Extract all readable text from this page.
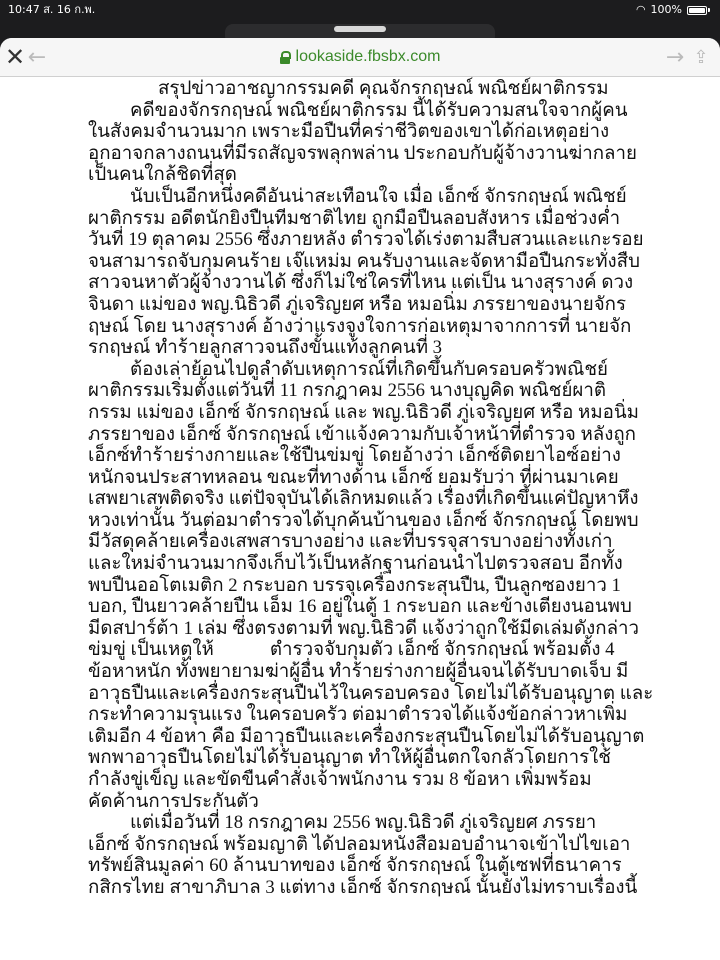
10:47 ส. 16 ก.พ.	◠ 100%
✕ ←	lookaside.fbsbx.com	→ ⇪
สรุปข่าวอาชญากรรมคดี คุณจักรกฤษณ์ พณิชย์ผาติกรรม
คดีของจักรกฤษณ์ พณิชย์ผาติกรรม นี้ได้รับความสนใจจากผู้คน
ในสังคมจำนวนมาก เพราะมือปืนที่คร่าชีวิตของเขาได้ก่อเหตุอย่าง
อุกอาจกลางถนนที่มีรถสัญจรพลุกพล่าน ประกอบกับผู้จ้างวานฆ่ากลาย
เป็นคนใกล้ชิดที่สุด
นับเป็นอีกหนึ่งคดีอันน่าสะเทือนใจ เมื่อ เอ็กซ์ จักรกฤษณ์ พณิชย์
ผาติกรรม อดีตนักยิงปืนทีมชาติไทย ถูกมือปืนลอบสังหาร เมื่อช่วงค่ำ
วันที่ 19 ตุลาคม 2556 ซึ่งภายหลัง ตำรวจได้เร่งตามสืบสวนและแกะรอย
จนสามารถจับกุมคนร้าย เจ๊แหม่ม คนรับงานและจัดหามือปืนกระทั่งสืบ
สาวจนหาตัวผู้จ้างวานได้ ซึ่งก็ไม่ใช่ใครที่ไหน แต่เป็น นางสุรางค์ ดวง
จินดา แม่ของ พญ.นิธิวดี ภู่เจริญยศ หรือ หมอนิ่ม ภรรยาของนายจักร
ฤษณ์ โดย นางสุรางค์ อ้างว่าแรงจูงใจการก่อเหตุมาจากการที่ นายจัก
รกฤษณ์ ทำร้ายลูกสาวจนถึงขั้นแท้งลูกคนที่ 3
ต้องเล่าย้อนไปดูลำดับเหตุการณ์ที่เกิดขึ้นกับครอบครัวพณิชย์
ผาติกรรมเริ่มตั้งแต่วันที่ 11 กรกฎาคม 2556 นางบุญคิด พณิชย์ผาติ
กรรม แม่ของ เอ็กซ์ จักรกฤษณ์ และ พญ.นิธิวดี ภู่เจริญยศ หรือ หมอนิ่ม
ภรรยาของ เอ็กซ์ จักรกฤษณ์ เข้าแจ้งความกับเจ้าหน้าที่ตำรวจ หลังถูก
เอ็กซ์ทำร้ายร่างกายและใช้ปืนข่มขู่ โดยอ้างว่า เอ็กซ์ติดยาไอซ์อย่าง
หนักจนประสาทหลอน ขณะที่ทางด้าน เอ็กซ์ ยอมรับว่า ที่ผ่านมาเคย
เสพยาเสพติดจริง แต่ปัจจุบันได้เลิกหมดแล้ว เรื่องที่เกิดขึ้นแค่ปัญหาหึง
หวงเท่านั้น วันต่อมาตำรวจได้บุกค้นบ้านของ เอ็กซ์ จักรกฤษณ์ โดยพบ
มีวัสดุคล้ายเครื่องเสพสารบางอย่าง และที่บรรจุสารบางอย่างทั้งเก่า
และใหม่จำนวนมากจึงเก็บไว้เป็นหลักฐานก่อนนำไปตรวจสอบ อีกทั้ง
พบปืนออโตเมติก 2 กระบอก บรรจุเครื่องกระสุนปืน, ปืนลูกซองยาว 1
บอก, ปืนยาวคล้ายปืน เอ็ม 16 อยู่ในตู้ 1 กระบอก และข้างเตียงนอนพบ
มีดสปาร์ต้า 1 เล่ม ซึ่งตรงตามที่ พญ.นิธิวดี แจ้งว่าถูกใช้มีดเล่มดังกล่าว
ข่มขู่ เป็นเหตุให้            ตำรวจจับกุมตัว เอ็กซ์ จักรกฤษณ์ พร้อมตั้ง 4
ข้อหาหนัก ทั้งพยายามฆ่าผู้อื่น ทำร้ายร่างกายผู้อื่นจนได้รับบาดเจ็บ มี
อาวุธปืนและเครื่องกระสุนปืนไว้ในครอบครอง โดยไม่ได้รับอนุญาต และ
กระทำความรุนแรง ในครอบครัว ต่อมาตำรวจได้แจ้งข้อกล่าวหาเพิ่ม
เติมอีก 4 ข้อหา คือ มีอาวุธปืนและเครื่องกระสุนปืนโดยไม่ได้รับอนุญาต
พกพาอาวุธปืนโดยไม่ได้รับอนุญาต ทำให้ผู้อื่นตกใจกลัวโดยการใช้
กำลังขู่เข็ญ และขัดขืนคำสั่งเจ้าพนักงาน รวม 8 ข้อหา เพิ่มพร้อม
คัดค้านการประกันตัว
แต่เมื่อวันที่ 18 กรกฎาคม 2556 พญ.นิธิวดี ภู่เจริญยศ ภรรยา
เอ็กซ์ จักรกฤษณ์ พร้อมญาติ ได้ปลอมหนังสือมอบอำนาจเข้าไปไขเอา
ทรัพย์สินมูลค่า 60 ล้านบาทของ เอ็กซ์ จักรกฤษณ์ ในตู้เซฟที่ธนาคาร
กสิกรไทย สาขาภิบาล 3 แต่ทาง เอ็กซ์ จักรกฤษณ์ นั้นยังไม่ทราบเรื่องนี้
